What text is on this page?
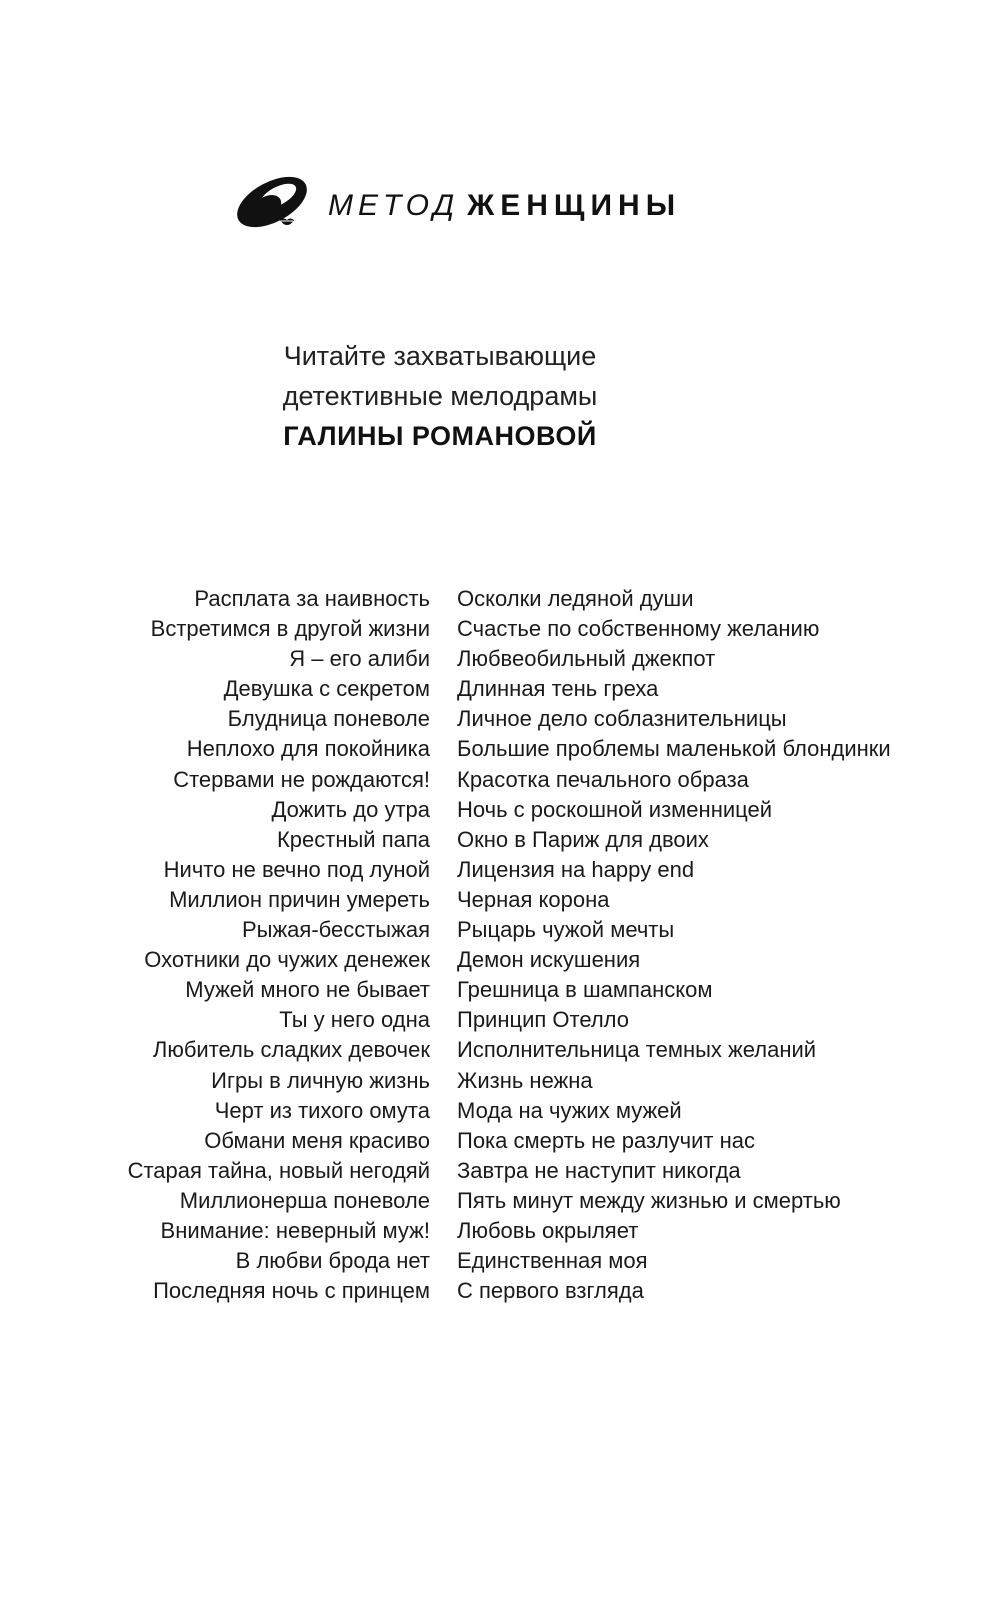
МЕТОД ЖЕНЩИНЫ
Читайте захватывающие
детективные мелодрамы
ГАЛИНЫ РОМАНОВОЙ
Расплата за наивность
Встретимся в другой жизни
Я – его алиби
Девушка с секретом
Блудница поневоле
Неплохо для покойника
Стервами не рождаются!
Дожить до утра
Крестный папа
Ничто не вечно под луной
Миллион причин умереть
Рыжая-бесстыжая
Охотники до чужих денежек
Мужей много не бывает
Ты у него одна
Любитель сладких девочек
Игры в личную жизнь
Черт из тихого омута
Обмани меня красиво
Старая тайна, новый негодяй
Миллионерша поневоле
Внимание: неверный муж!
В любви брода нет
Последняя ночь с принцем
Осколки ледяной души
Счастье по собственному желанию
Любвеобильный джекпот
Длинная тень греха
Личное дело соблазнительницы
Большие проблемы маленькой блондинки
Красотка печального образа
Ночь с роскошной изменницей
Окно в Париж для двоих
Лицензия на happy end
Черная корона
Рыцарь чужой мечты
Демон искушения
Грешница в шампанском
Принцип Отелло
Исполнительница темных желаний
Жизнь нежна
Мода на чужих мужей
Пока смерть не разлучит нас
Завтра не наступит никогда
Пять минут между жизнью и смертью
Любовь окрыляет
Единственная моя
С первого взгляда
